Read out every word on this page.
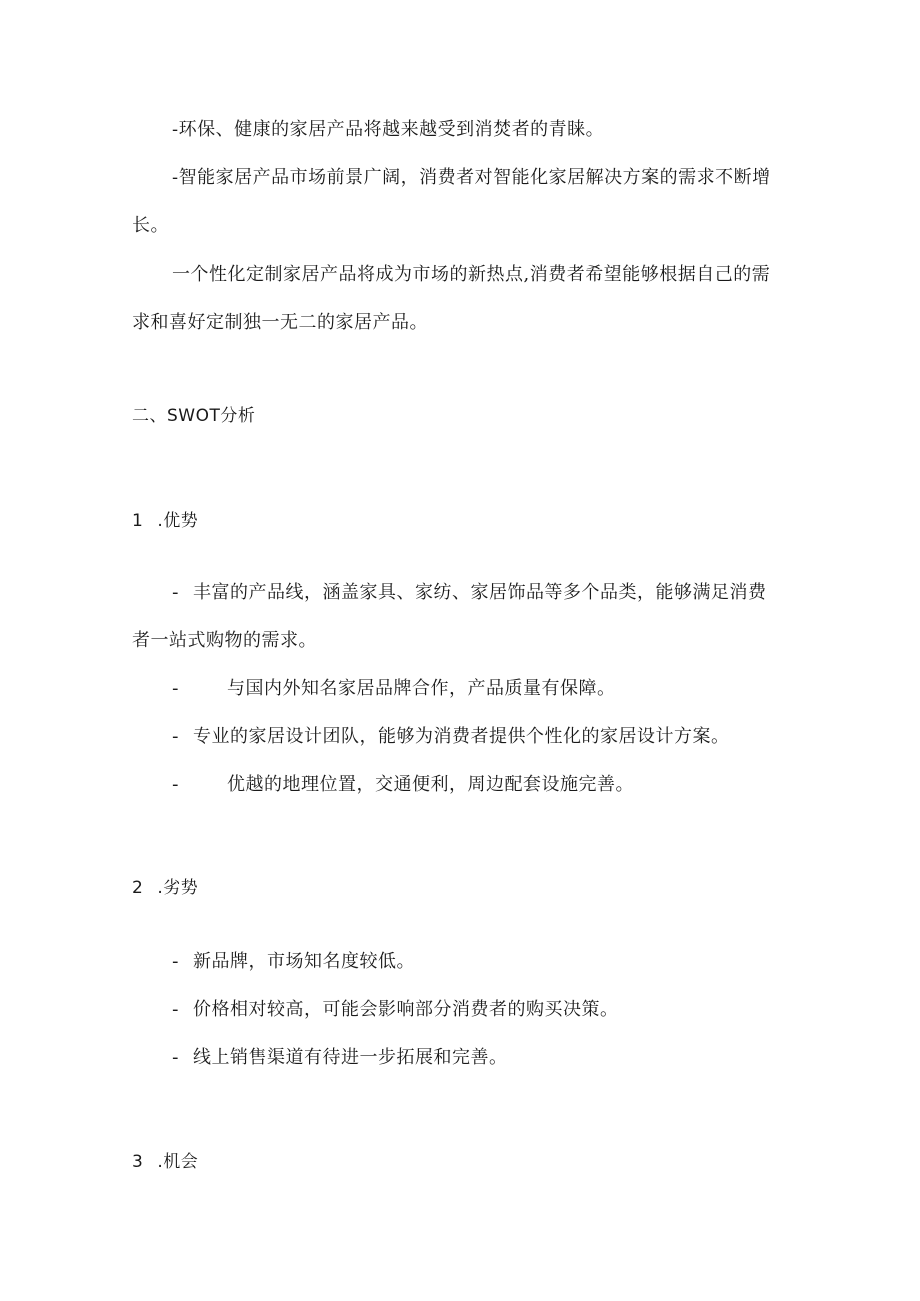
-环保、健康的家居产品将越来越受到消焚者的青睐。
-智能家居产品市场前景广阔，消费者对智能化家居解决方案的需求不断增
长。
一个性化定制家居产品将成为市场的新热点,消费者希望能够根据自己的需
求和喜好定制独一无二的家居产品。
二、SWOT分析
1 .优势
- 丰富的产品线，涵盖家具、家纺、家居饰品等多个品类，能够满足消费
者一站式购物的需求。
-	与国内外知名家居品牌合作，产品质量有保障。
- 专业的家居设计团队，能够为消费者提供个性化的家居设计方案。
-	优越的地理位置，交通便利，周边配套设施完善。
2 .劣势
- 新品牌，市场知名度较低。
- 价格相对较高，可能会影响部分消费者的购买决策。
- 线上销售渠道有待进一步拓展和完善。
3 .机会
